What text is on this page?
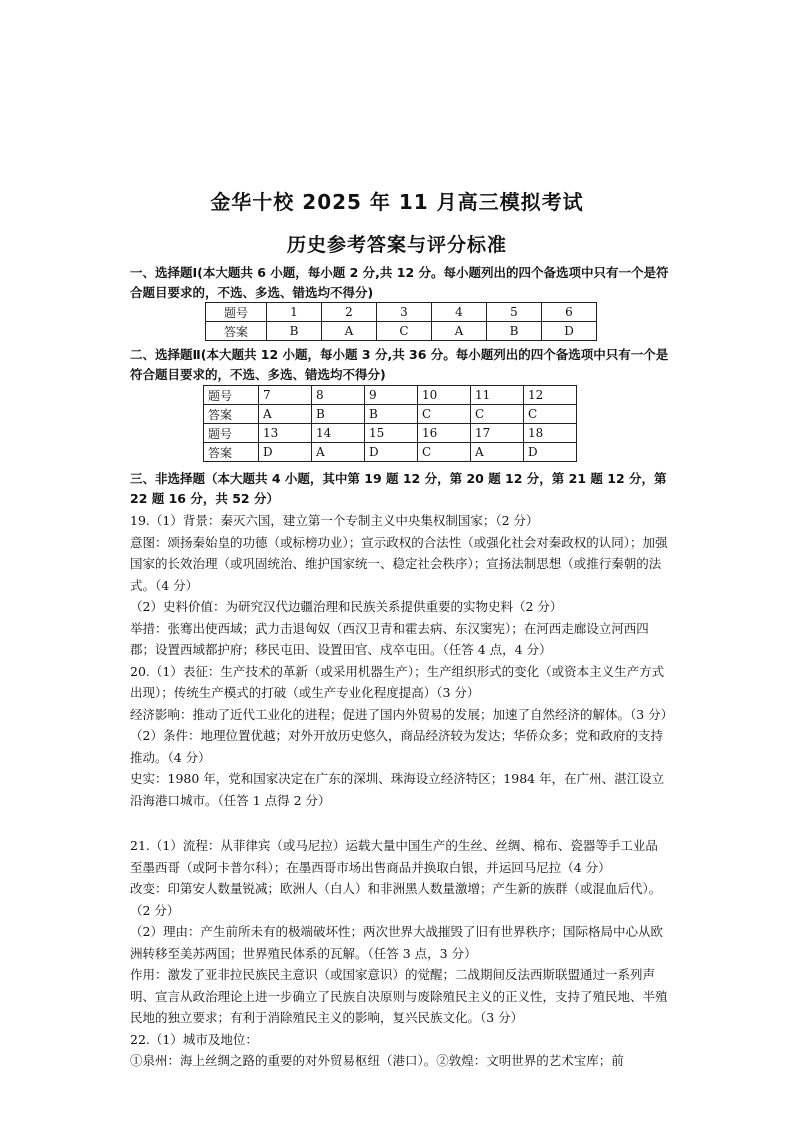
金华十校 2025 年 11 月高三模拟考试
历史参考答案与评分标准

一、选择题Ⅰ(本大题共 6 小题，每小题 2 分,共 12 分。每小题列出的四个备选项中只有一个是符合题目要求的，不选、多选、错选均不得分)

题号	1	2	3	4	5	6
答案	B	A	C	A	B	D

二、选择题Ⅱ(本大题共 12 小题，每小题 3 分,共 36 分。每小题列出的四个备选项中只有一个是符合题目要求的，不选、多选、错选均不得分)

题号	7	8	9	10	11	12
答案	A	B	B	C	C	C
题号	13	14	15	16	17	18
答案	D	A	D	C	A	D

三、非选择题（本大题共 4 小题，其中第 19 题 12 分，第 20 题 12 分，第 21 题 12 分，第 22 题 16 分，共 52 分）

19.（1）背景：秦灭六国，建立第一个专制主义中央集权制国家；（2 分）

意图：颂扬秦始皇的功德（或标榜功业）；宣示政权的合法性（或强化社会对秦政权的认同）；加强国家的长效治理（或巩固统治、维护国家统一、稳定社会秩序）；宣扬法制思想（或推行秦朝的法式。（4 分）

（2）史料价值：为研究汉代边疆治理和民族关系提供重要的实物史料（2 分）

举措：张骞出使西域；武力击退匈奴（西汉卫青和霍去病、东汉窦宪）；在河西走廊设立河西四郡；设置西域都护府；移民屯田、设置田官、戍卒屯田。（任答 4 点，4 分）

20.（1）表征：生产技术的革新（或采用机器生产）；生产组织形式的变化（或资本主义生产方式出现）；传统生产模式的打破（或生产专业化程度提高）（3 分）

经济影响：推动了近代工业化的进程；促进了国内外贸易的发展；加速了自然经济的解体。（3 分）

（2）条件：地理位置优越；对外开放历史悠久，商品经济较为发达；华侨众多；党和政府的支持推动。（4 分）

史实：1980 年，党和国家决定在广东的深圳、珠海设立经济特区；1984 年，在广州、湛江设立沿海港口城市。（任答 1 点得 2 分）

21.（1）流程：从菲律宾（或马尼拉）运载大量中国生产的生丝、丝绸、棉布、瓷器等手工业品至墨西哥（或阿卡普尔科）；在墨西哥市场出售商品并换取白银，并运回马尼拉（4 分）

改变：印第安人数量锐减；欧洲人（白人）和非洲黑人数量激增；产生新的族群（或混血后代）。（2 分）

（2）理由：产生前所未有的极端破坏性；两次世界大战摧毁了旧有世界秩序；国际格局中心从欧洲转移至美苏两国；世界殖民体系的瓦解。（任答 3 点，3 分）

作用：激发了亚非拉民族民主意识（或国家意识）的觉醒；二战期间反法西斯联盟通过一系列声明、宣言从政治理论上进一步确立了民族自决原则与废除殖民主义的正义性，支持了殖民地、半殖民地的独立要求；有利于消除殖民主义的影响，复兴民族文化。（3 分）

22.（1）城市及地位：

①泉州：海上丝绸之路的重要的对外贸易枢纽（港口）。②敦煌：文明世界的艺术宝库；前
